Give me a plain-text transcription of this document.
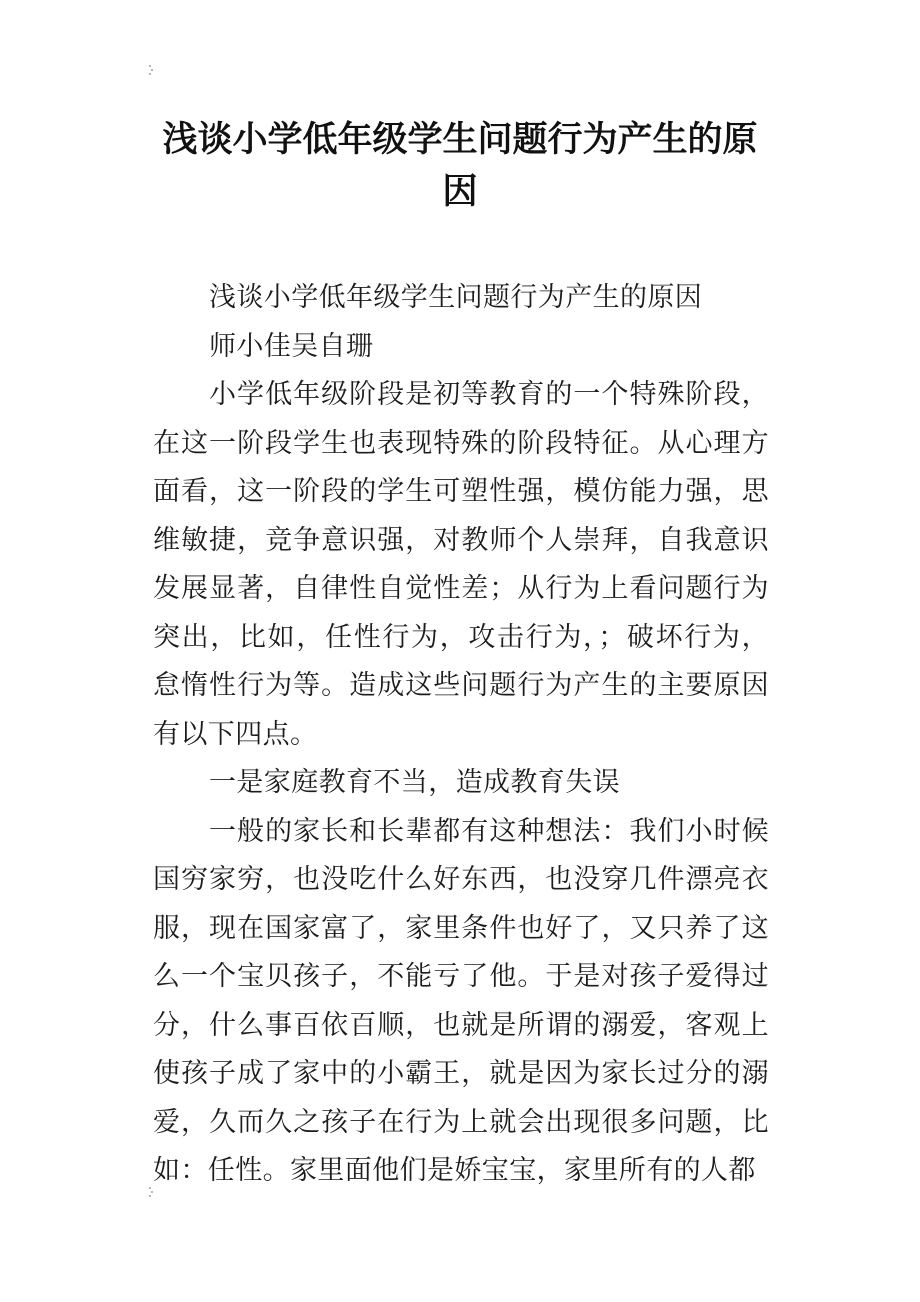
浅谈小学低年级学生问题行为产生的原因

浅谈小学低年级学生问题行为产生的原因

师小佳吴自珊

小学低年级阶段是初等教育的一个特殊阶段，在这一阶段学生也表现特殊的阶段特征。从心理方面看，这一阶段的学生可塑性强，模仿能力强，思维敏捷，竞争意识强，对教师个人崇拜，自我意识发展显著，自律性自觉性差；从行为上看问题行为突出，比如，任性行为，攻击行为，；破坏行为，怠惰性行为等。造成这些问题行为产生的主要原因有以下四点。

一是家庭教育不当，造成教育失误

一般的家长和长辈都有这种想法：我们小时候国穷家穷，也没吃什么好东西，也没穿几件漂亮衣服，现在国家富了，家里条件也好了，又只养了这么一个宝贝孩子，不能亏了他。于是对孩子爱得过分，什么事百依百顺，也就是所谓的溺爱，客观上使孩子成了家中的小霸王，就是因为家长过分的溺爱，久而久之孩子在行为上就会出现很多问题，比如：任性。家里面他们是娇宝宝，家里所有的人都
